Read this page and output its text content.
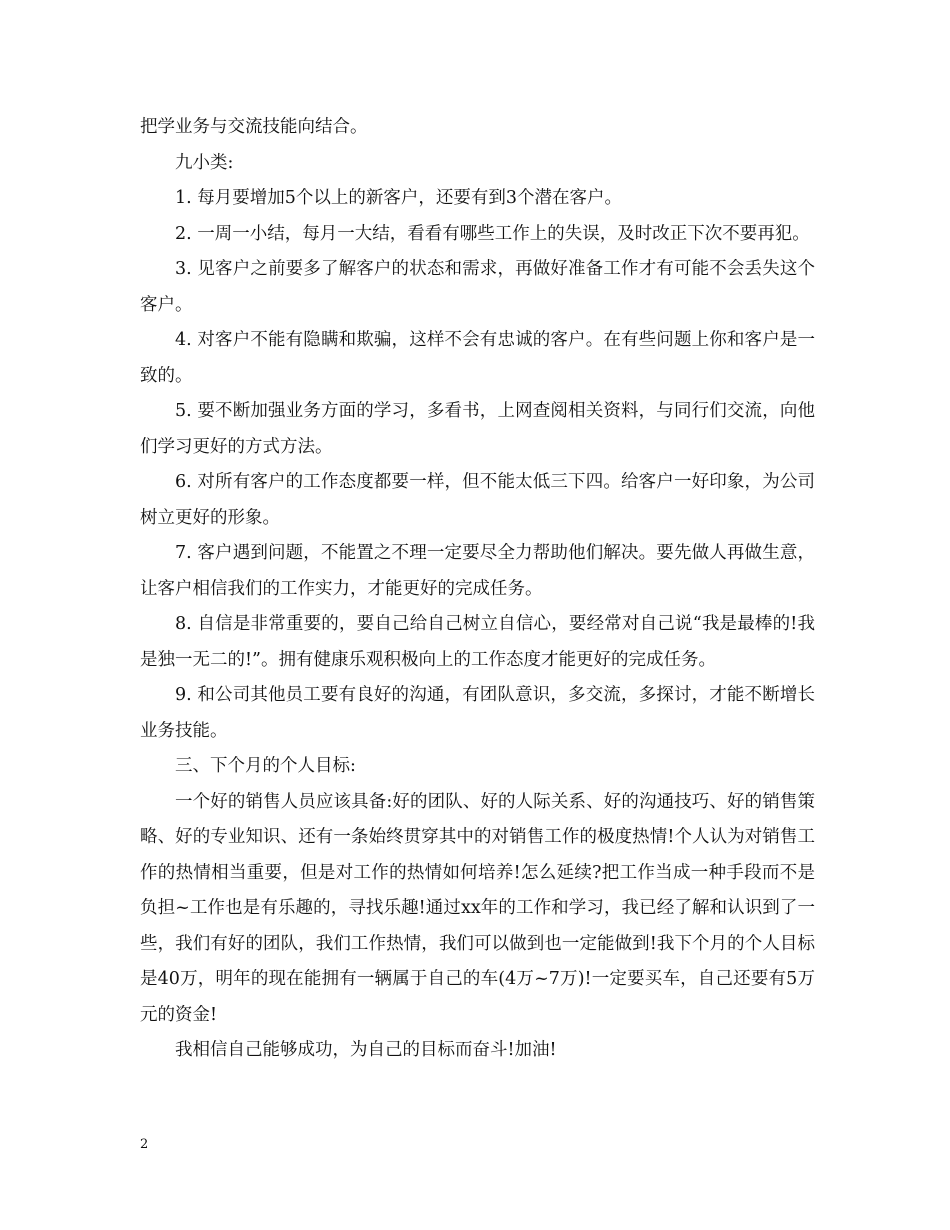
把学业务与交流技能向结合。

九小类:

1. 每月要增加5个以上的新客户，还要有到3个潜在客户。

2. 一周一小结，每月一大结，看看有哪些工作上的失误，及时改正下次不要再犯。

3. 见客户之前要多了解客户的状态和需求，再做好准备工作才有可能不会丢失这个客户。

4. 对客户不能有隐瞒和欺骗，这样不会有忠诚的客户。在有些问题上你和客户是一致的。

5. 要不断加强业务方面的学习，多看书，上网查阅相关资料，与同行们交流，向他们学习更好的方式方法。

6. 对所有客户的工作态度都要一样，但不能太低三下四。给客户一好印象，为公司树立更好的形象。

7. 客户遇到问题，不能置之不理一定要尽全力帮助他们解决。要先做人再做生意，让客户相信我们的工作实力，才能更好的完成任务。

8. 自信是非常重要的，要自己给自己树立自信心，要经常对自己说“我是最棒的!我是独一无二的!”。拥有健康乐观积极向上的工作态度才能更好的完成任务。

9. 和公司其他员工要有良好的沟通，有团队意识，多交流，多探讨，才能不断增长业务技能。

三、下个月的个人目标:

一个好的销售人员应该具备:好的团队、好的人际关系、好的沟通技巧、好的销售策略、好的专业知识、还有一条始终贯穿其中的对销售工作的极度热情!个人认为对销售工作的热情相当重要，但是对工作的热情如何培养!怎么延续?把工作当成一种手段而不是负担~工作也是有乐趣的，寻找乐趣!通过xx年的工作和学习，我已经了解和认识到了一些，我们有好的团队，我们工作热情，我们可以做到也一定能做到!我下个月的个人目标是40万，明年的现在能拥有一辆属于自己的车(4万~7万)!一定要买车，自己还要有5万元的资金!

我相信自己能够成功，为自己的目标而奋斗!加油!

2
